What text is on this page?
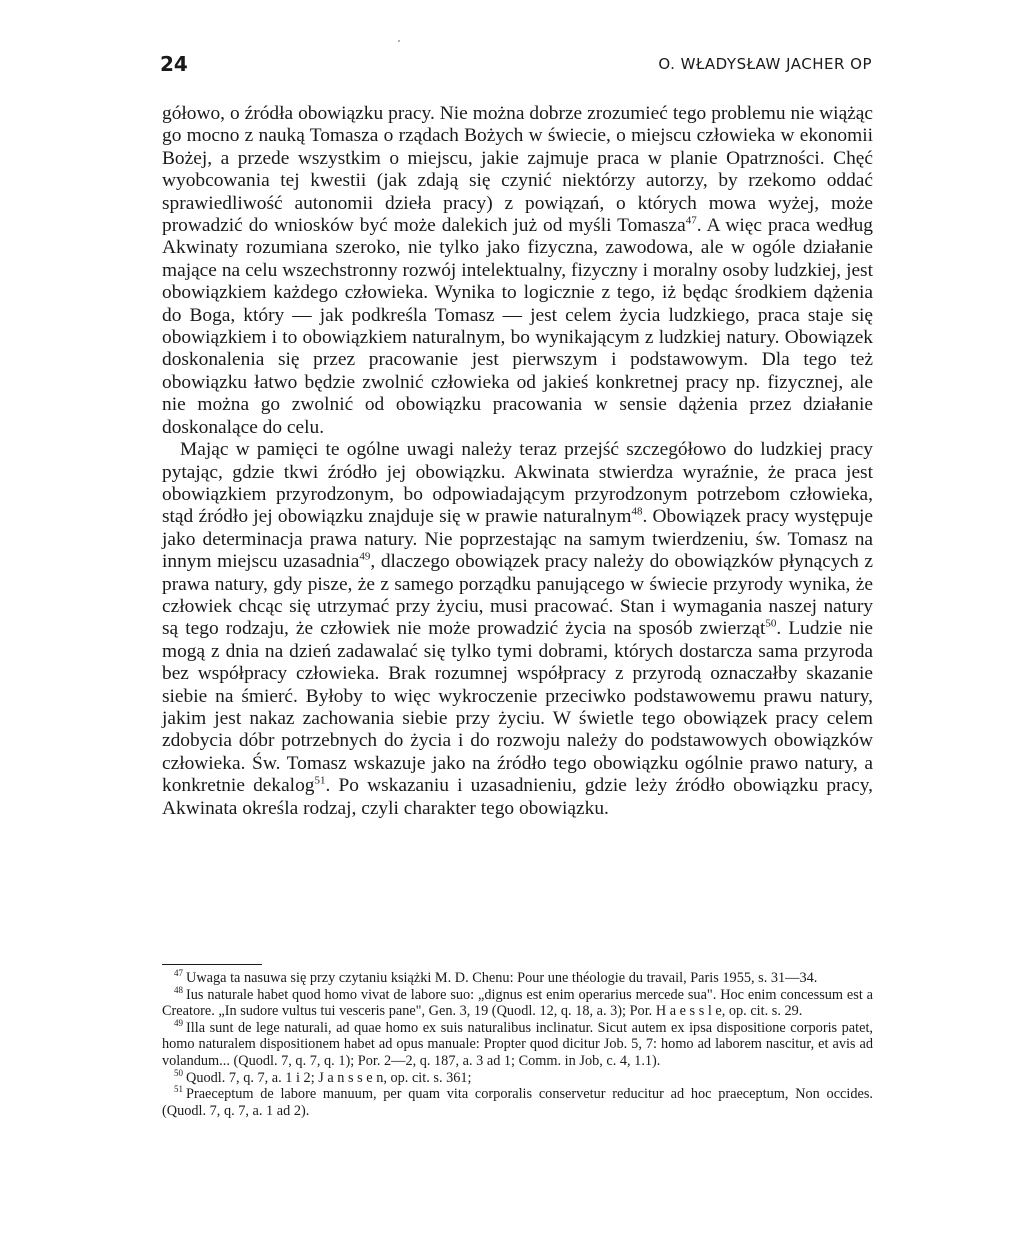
24	O. WŁADYSŁAW JACHER OP

gółowo, o źródła obowiązku pracy. Nie można dobrze zrozumieć tego problemu nie wiążąc go mocno z nauką Tomasza o rządach Bożych w świecie, o miejscu człowieka w ekonomii Bożej, a przede wszystkim o miejscu, jakie zajmuje praca w planie Opatrzności. Chęć wyobcowania tej kwestii (jak zdają się czynić niektórzy autorzy, by rzekomo oddać sprawiedliwość autonomii dzieła pracy) z powiązań, o których mowa wyżej, może prowadzić do wniosków być może dalekich już od myśli Tomasza$^{47}$. A więc praca według Akwinaty rozumiana szeroko, nie tylko jako fizyczna, zawodowa, ale w ogóle działanie mające na celu wszechstronny rozwój intelektualny, fizyczny i moralny osoby ludzkiej, jest obowiązkiem każdego człowieka. Wynika to logicznie z tego, iż będąc środkiem dążenia do Boga, który — jak podkreśla Tomasz — jest celem życia ludzkiego, praca staje się obowiązkiem i to obowiązkiem naturalnym, bo wynikającym z ludzkiej natury. Obowiązek doskonalenia się przez pracowanie jest pierwszym i podstawowym. Dla tego też obowiązku łatwo będzie zwolnić człowieka od jakieś konkretnej pracy np. fizycznej, ale nie można go zwolnić od obowiązku pracowania w sensie dążenia przez działanie doskonalące do celu.

Mając w pamięci te ogólne uwagi należy teraz przejść szczegółowo do ludzkiej pracy pytając, gdzie tkwi źródło jej obowiązku. Akwinata stwierdza wyraźnie, że praca jest obowiązkiem przyrodzonym, bo odpowiadającym przyrodzonym potrzebom człowieka, stąd źródło jej obowiązku znajduje się w prawie naturalnym$^{48}$. Obowiązek pracy występuje jako determinacja prawa natury. Nie poprzestając na samym twierdzeniu, św. Tomasz na innym miejscu uzasadnia$^{49}$, dlaczego obowiązek pracy należy do obowiązków płynących z prawa natury, gdy pisze, że z samego porządku panującego w świecie przyrody wynika, że człowiek chcąc się utrzymać przy życiu, musi pracować. Stan i wymagania naszej natury są tego rodzaju, że człowiek nie może prowadzić życia na sposób zwierząt$^{50}$. Ludzie nie mogą z dnia na dzień zadawalać się tylko tymi dobrami, których dostarcza sama przyroda bez współpracy człowieka. Brak rozumnej współpracy z przyrodą oznaczałby skazanie siebie na śmierć. Byłoby to więc wykroczenie przeciwko podstawowemu prawu natury, jakim jest nakaz zachowania siebie przy życiu. W świetle tego obowiązek pracy celem zdobycia dóbr potrzebnych do życia i do rozwoju należy do podstawowych obowiązków człowieka. Św. Tomasz wskazuje jako na źródło tego obowiązku ogólnie prawo natury, a konkretnie dekalog$^{51}$. Po wskazaniu i uzasadnieniu, gdzie leży źródło obowiązku pracy, Akwinata określa rodzaj, czyli charakter tego obowiązku.

$^{47}$ Uwaga ta nasuwa się przy czytaniu książki M. D. Chenu: Pour une théologie du travail, Paris 1955, s. 31—34.

$^{48}$ Ius naturale habet quod homo vivat de labore suo: „dignus est enim operarius mercede sua". Hoc enim concessum est a Creatore. „In sudore vultus tui vesceris pane", Gen. 3, 19 (Quodl. 12, q. 18, a. 3); Por. H a e s s l e, op. cit. s. 29.

$^{49}$ Illa sunt de lege naturali, ad quae homo ex suis naturalibus inclinatur. Sicut autem ex ipsa dispositione corporis patet, homo naturalem dispositionem habet ad opus manuale: Propter quod dicitur Job. 5, 7: homo ad laborem nascitur, et avis ad volandum... (Quodl. 7, q. 7, q. 1); Por. 2—2, q. 187, a. 3 ad 1; Comm. in Job, c. 4, 1.1).

$^{50}$ Quodl. 7, q. 7, a. 1 i 2; J a n s s e n, op. cit. s. 361;

$^{51}$ Praeceptum de labore manuum, per quam vita corporalis conservetur reducitur ad hoc praeceptum, Non occides. (Quodl. 7, q. 7, a. 1 ad 2).
